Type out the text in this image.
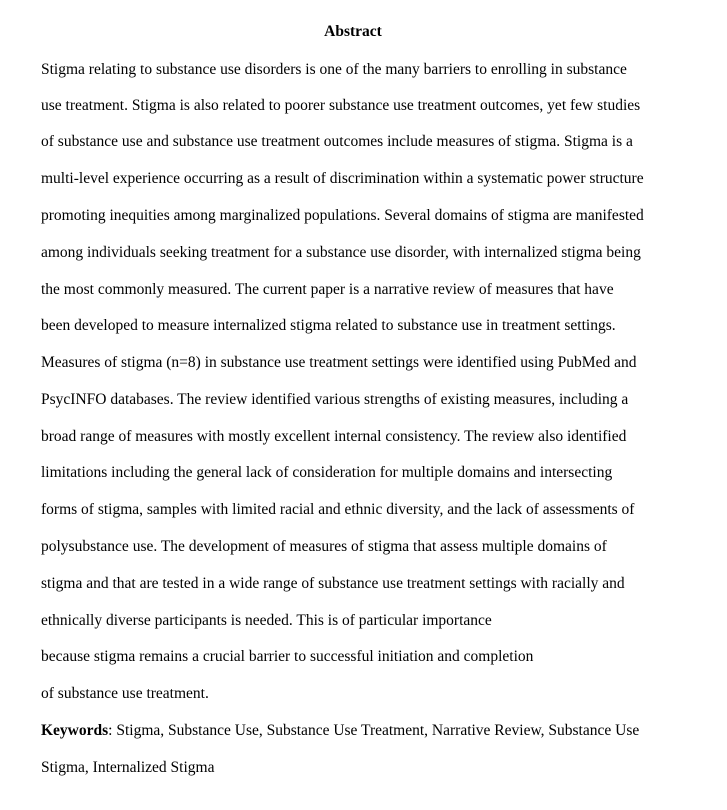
Abstract
Stigma relating to substance use disorders is one of the many barriers to enrolling in substance
use treatment. Stigma is also related to poorer substance use treatment outcomes, yet few studies
of substance use and substance use treatment outcomes include measures of stigma. Stigma is a
multi-level experience occurring as a result of discrimination within a systematic power structure
promoting inequities among marginalized populations. Several domains of stigma are manifested
among individuals seeking treatment for a substance use disorder, with internalized stigma being
the most commonly measured. The current paper is a narrative review of measures that have
been developed to measure internalized stigma related to substance use in treatment settings.
Measures of stigma (n=8) in substance use treatment settings were identified using PubMed and
PsycINFO databases. The review identified various strengths of existing measures, including a
broad range of measures with mostly excellent internal consistency. The review also identified
limitations including the general lack of consideration for multiple domains and intersecting
forms of stigma, samples with limited racial and ethnic diversity, and the lack of assessments of
polysubstance use. The development of measures of stigma that assess multiple domains of
stigma and that are tested in a wide range of substance use treatment settings with racially and
ethnically diverse participants is needed. This is of particular importance
because stigma remains a crucial barrier to successful initiation and completion
of substance use treatment.
Keywords: Stigma, Substance Use, Substance Use Treatment, Narrative Review, Substance Use
Stigma, Internalized Stigma
